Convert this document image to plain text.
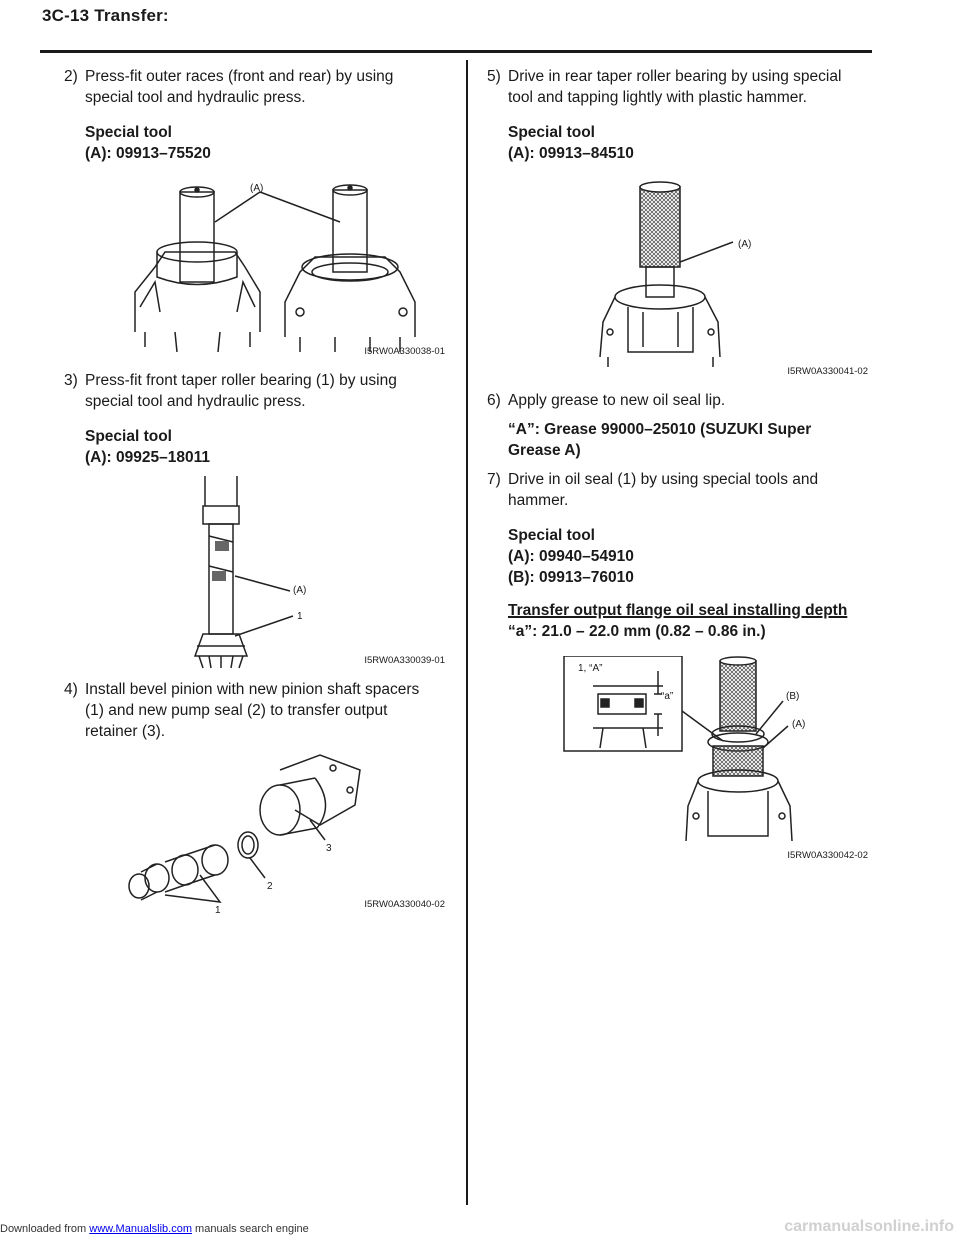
3C-13 Transfer:
2) Press-fit outer races (front and rear) by using special tool and hydraulic press.
Special tool
(A): 09913–75520
(A)
I5RW0A330038-01
3) Press-fit front taper roller bearing (1) by using special tool and hydraulic press.
Special tool
(A): 09925–18011
(A)
1
I5RW0A330039-01
4) Install bevel pinion with new pinion shaft spacers (1) and new pump seal (2) to transfer output retainer (3).
1
2
3
I5RW0A330040-02
5) Drive in rear taper roller bearing by using special tool and tapping lightly with plastic hammer.
Special tool
(A): 09913–84510
(A)
I5RW0A330041-02
6) Apply grease to new oil seal lip.
“A”: Grease 99000–25010 (SUZUKI Super
Grease A)
7) Drive in oil seal (1) by using special tools and hammer.
Special tool
(A): 09940–54910
(B): 09913–76010
Transfer output flange oil seal installing depth
“a”: 21.0 – 22.0 mm (0.82 – 0.86 in.)
1, “A”
“a”	(B)
(A)
I5RW0A330042-02
Downloaded from www.Manualslib.com manuals search engine	carmanualsonline.info
